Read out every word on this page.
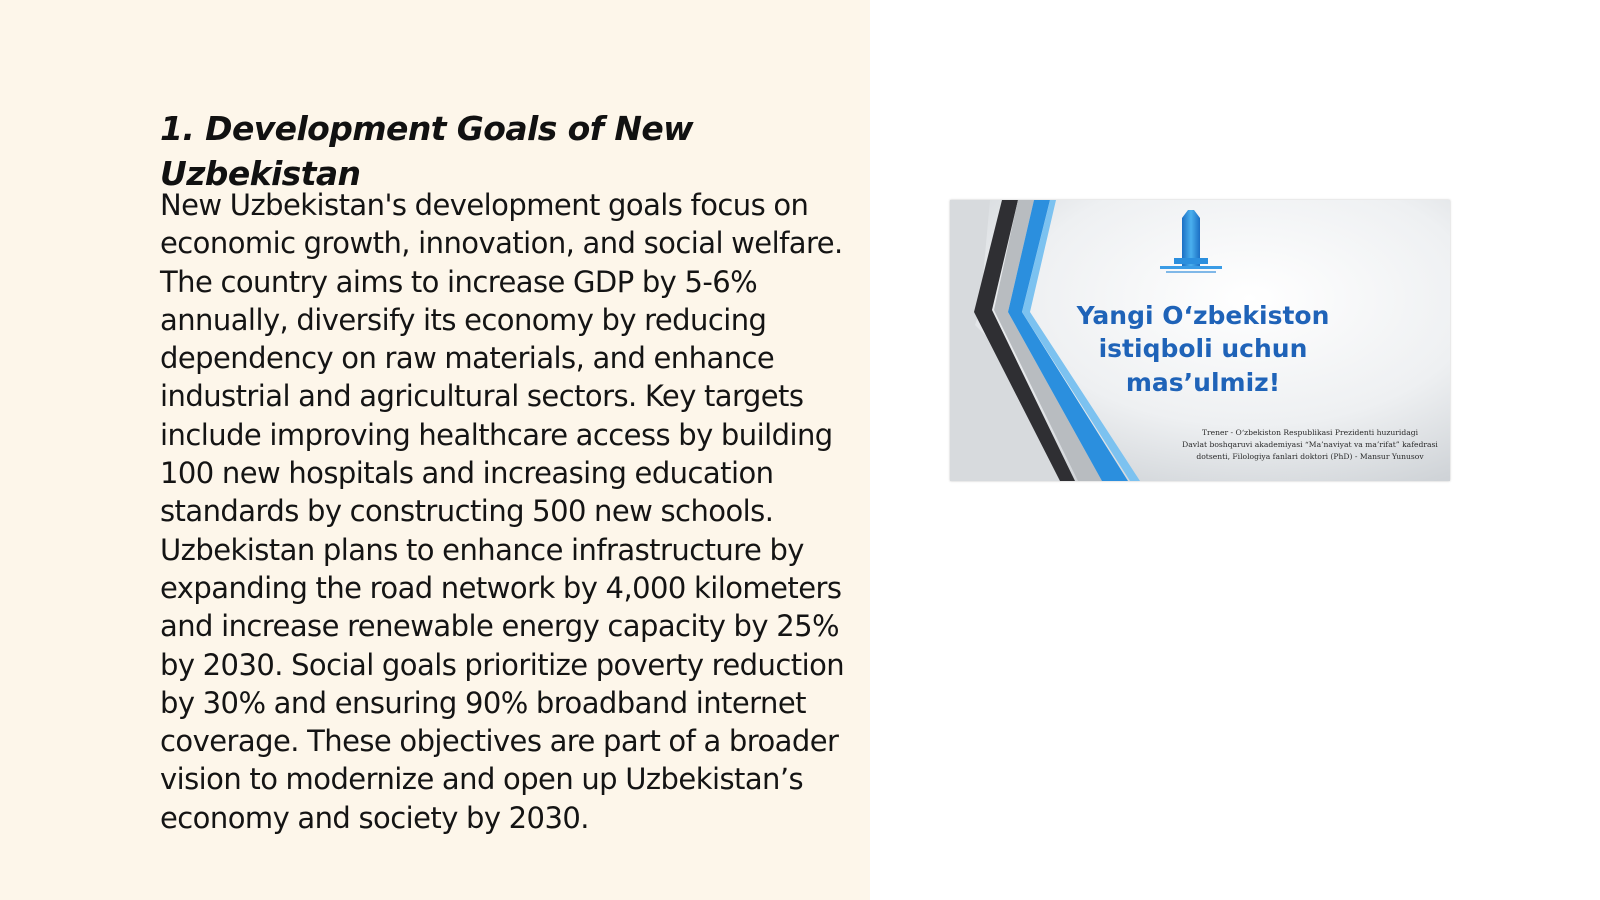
1. Development Goals of New Uzbekistan

New Uzbekistan's development goals focus on economic growth, innovation, and social welfare. The country aims to increase GDP by 5-6% annually, diversify its economy by reducing dependency on raw materials, and enhance industrial and agricultural sectors. Key targets include improving healthcare access by building 100 new hospitals and increasing education standards by constructing 500 new schools. Uzbekistan plans to enhance infrastructure by expanding the road network by 4,000 kilometers and increase renewable energy capacity by 25% by 2030. Social goals prioritize poverty reduction by 30% and ensuring 90% broadband internet coverage. These objectives are part of a broader vision to modernize and open up Uzbekistan’s economy and society by 2030.

Yangi O‘zbekiston
istiqboli uchun
mas’ulmiz!
Trener - O‘zbekiston Respublikasi Prezidenti huzuridagi
Davlat boshqaruvi akademiyasi “Ma’naviyat va ma’rifat” kafedrasi
dotsenti, Filologiya fanlari doktori (PhD) - Mansur Yunusov
